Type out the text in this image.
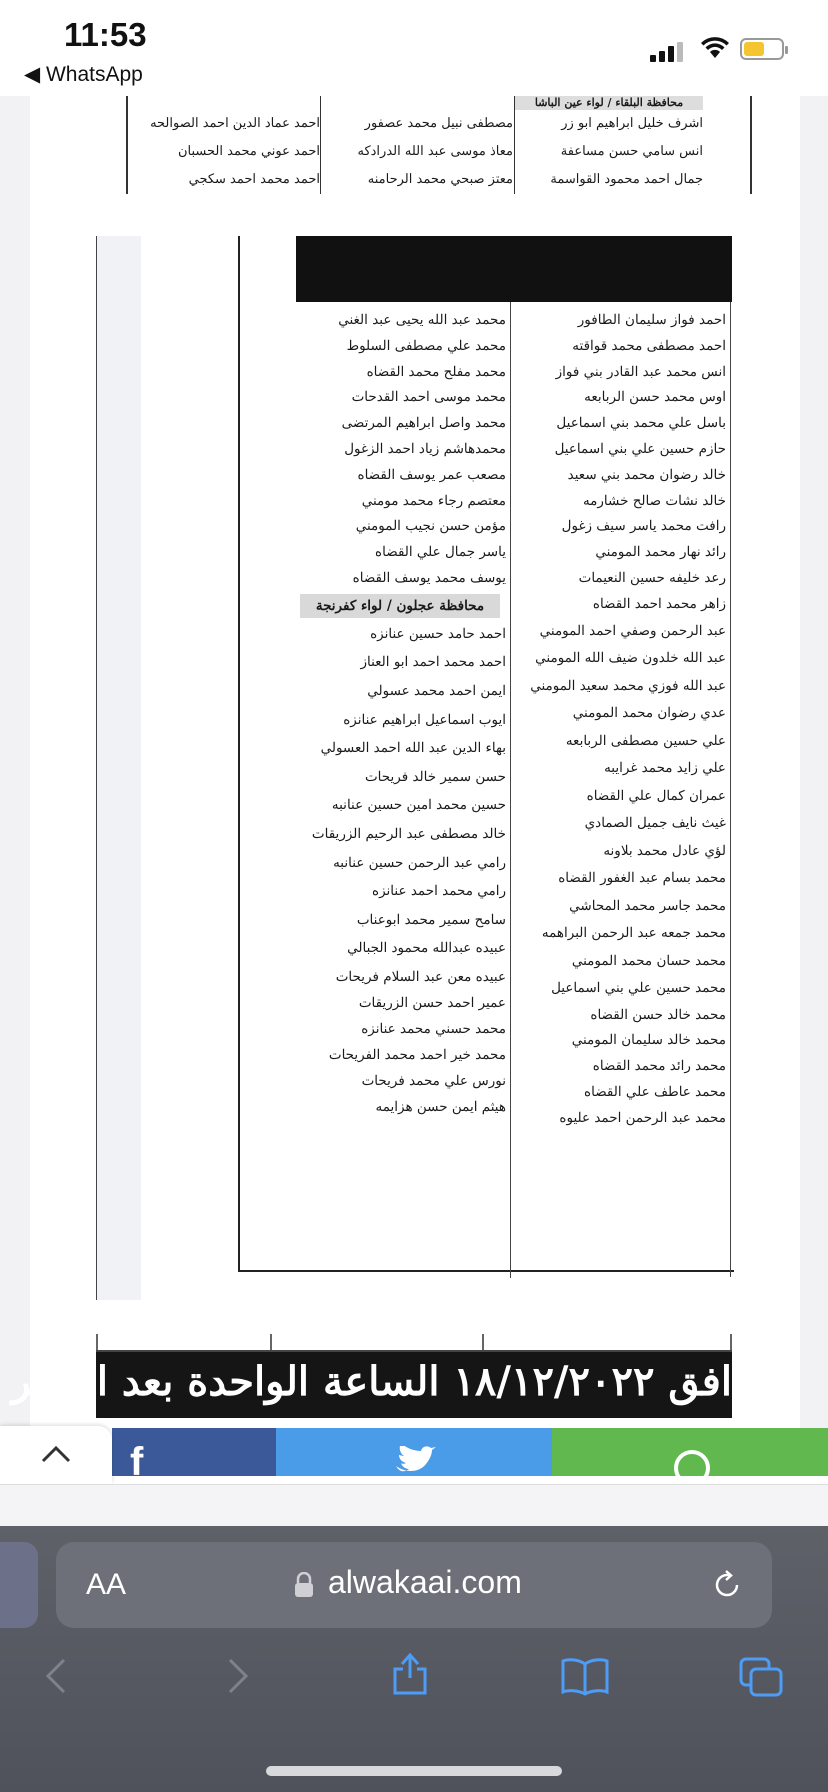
11:53
◀ WhatsApp

احمد عماد الدين احمد الصوالحه
احمد عوني محمد الحسبان
احمد محمد احمد سكجي

مصطفى نبيل محمد عصفور
معاذ موسى عبد الله الدرادكه
معتز صبحي محمد الرحامنه
محافظة البلقاء / لواء عين الباشا
اشرف خليل ابراهيم ابو زر
انس سامي حسن مساعفة
جمال احمد محمود القواسمة
احمد فواز سليمان الطافور
احمد مصطفى محمد قواقته
انس محمد عبد القادر بني فواز
اوس محمد حسن الربابعه
باسل علي محمد بني اسماعيل
حازم حسين علي بني اسماعيل
خالد رضوان محمد بني سعيد
خالد نشات صالح خشارمه
رافت محمد ياسر سيف زغول
رائد نهار محمد المومني
رعد خليفه حسين النعيمات
زاهر محمد احمد القضاه
عبد الرحمن وصفي احمد المومني
عبد الله خلدون ضيف الله المومني
عبد الله فوزي محمد سعيد المومني
عدي رضوان محمد المومني
علي حسين مصطفى الربابعه
علي زايد محمد غرايبه
عمران كمال علي القضاه
غيث نايف جميل الصمادي
لؤي عادل محمد بلاونه
محمد بسام عبد الغفور القضاه
محمد جاسر محمد المحاشي
محمد جمعه عبد الرحمن البراهمه
محمد حسان محمد المومني
محمد حسين علي بني اسماعيل
محمد خالد حسن القضاه
محمد خالد سليمان المومني
محمد رائد محمد القضاه
محمد عاطف علي القضاه
محمد عبد الرحمن احمد عليوه
محمد عبد الله يحيى عبد الغني
محمد علي مصطفى السلوط
محمد مفلح محمد القضاه
محمد موسى احمد القدحات
محمد واصل ابراهيم المرتضى
محمدهاشم زياد احمد الزغول
مصعب عمر يوسف القضاه
معتصم رجاء محمد مومني
مؤمن حسن نجيب المومني
ياسر جمال علي القضاه
يوسف محمد يوسف القضاه
محافظة عجلون / لواء كفرنجة
احمد حامد حسين عنانزه
احمد محمد احمد ابو العناز
ايمن احمد محمد عسولي
ايوب اسماعيل ابراهيم عنانزه
بهاء الدين عبد الله احمد العسولي
حسن سمير خالد فريحات
حسين محمد امين حسين عنانبه
خالد مصطفى عبد الرحيم الزريقات
رامي عبد الرحمن حسين عنانبه
رامي محمد احمد عنانزه
سامح سمير محمد ابوعناب
عبيده عبدالله محمود الجبالي
عبيده معن عبد السلام فريحات
عمير احمد حسن الزريقات
محمد حسني محمد عنانزه
محمد خير احمد محمد الفريحات
نورس علي محمد فريحات
هيثم ايمن حسن هزايمه
افق ١٨/١٢/٢٠٢٢ الساعة الواحدة بعد الظهر
f
AA	alwakaai.com
